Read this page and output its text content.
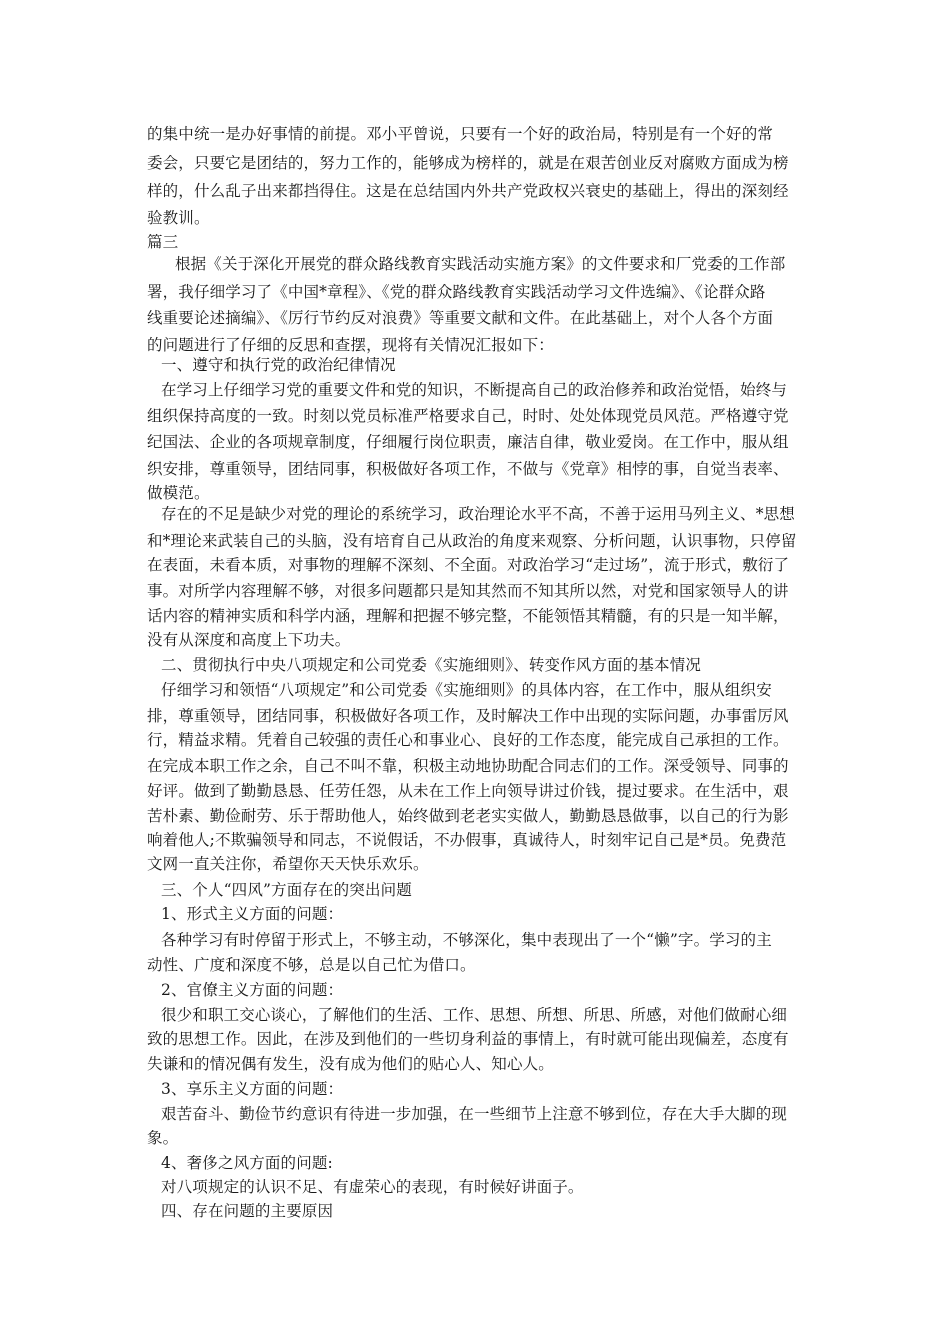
的集中统一是办好事情的前提。邓小平曾说，只要有一个好的政治局，特别是有一个好的常
委会，只要它是团结的，努力工作的，能够成为榜样的，就是在艰苦创业反对腐败方面成为榜
样的，什么乱子出来都挡得住。这是在总结国内外共产党政权兴衰史的基础上，得出的深刻经
验教训。
篇三
根据《关于深化开展党的群众路线教育实践活动实施方案》的文件要求和厂党委的工作部
署，我仔细学习了《中国*章程》、《党的群众路线教育实践活动学习文件选编》、《论群众路
线重要论述摘编》、《厉行节约反对浪费》等重要文献和文件。在此基础上，对个人各个方面
的问题进行了仔细的反思和查摆，现将有关情况汇报如下：
一、遵守和执行党的政治纪律情况
在学习上仔细学习党的重要文件和党的知识，不断提高自己的政治修养和政治觉悟，始终与
组织保持高度的一致。时刻以党员标准严格要求自己，时时、处处体现党员风范。严格遵守党
纪国法、企业的各项规章制度，仔细履行岗位职责，廉洁自律，敬业爱岗。在工作中，服从组
织安排，尊重领导，团结同事，积极做好各项工作，不做与《党章》相悖的事，自觉当表率、
做模范。
存在的不足是缺少对党的理论的系统学习，政治理论水平不高，不善于运用马列主义、*思想
和*理论来武装自己的头脑，没有培育自己从政治的角度来观察、分析问题，认识事物，只停留
在表面，未看本质，对事物的理解不深刻、不全面。对政治学习“走过场”，流于形式，敷衍了
事。对所学内容理解不够，对很多问题都只是知其然而不知其所以然，对党和国家领导人的讲
话内容的精神实质和科学内涵，理解和把握不够完整，不能领悟其精髓，有的只是一知半解，
没有从深度和高度上下功夫。
二、贯彻执行中央八项规定和公司党委《实施细则》、转变作风方面的基本情况
仔细学习和领悟“八项规定”和公司党委《实施细则》的具体内容，在工作中，服从组织安
排，尊重领导，团结同事，积极做好各项工作，及时解决工作中出现的实际问题，办事雷厉风
行，精益求精。凭着自己较强的责任心和事业心、良好的工作态度，能完成自己承担的工作。
在完成本职工作之余，自己不叫不靠，积极主动地协助配合同志们的工作。深受领导、同事的
好评。做到了勤勤恳恳、任劳任怨，从未在工作上向领导讲过价钱，提过要求。在生活中，艰
苦朴素、勤俭耐劳、乐于帮助他人，始终做到老老实实做人，勤勤恳恳做事，以自己的行为影
响着他人;不欺骗领导和同志，不说假话，不办假事，真诚待人，时刻牢记自己是*员。免费范
文网一直关注你，希望你天天快乐欢乐。
三、个人“四风”方面存在的突出问题
1、形式主义方面的问题：
各种学习有时停留于形式上，不够主动，不够深化，集中表现出了一个“懒”字。学习的主
动性、广度和深度不够，总是以自己忙为借口。
2、官僚主义方面的问题：
很少和职工交心谈心，了解他们的生活、工作、思想、所想、所思、所感，对他们做耐心细
致的思想工作。因此，在涉及到他们的一些切身利益的事情上，有时就可能出现偏差，态度有
失谦和的情况偶有发生，没有成为他们的贴心人、知心人。
3、享乐主义方面的问题：
艰苦奋斗、勤俭节约意识有待进一步加强，在一些细节上注意不够到位，存在大手大脚的现
象。
4、奢侈之风方面的问题:
对八项规定的认识不足、有虚荣心的表现，有时候好讲面子。
四、存在问题的主要原因
